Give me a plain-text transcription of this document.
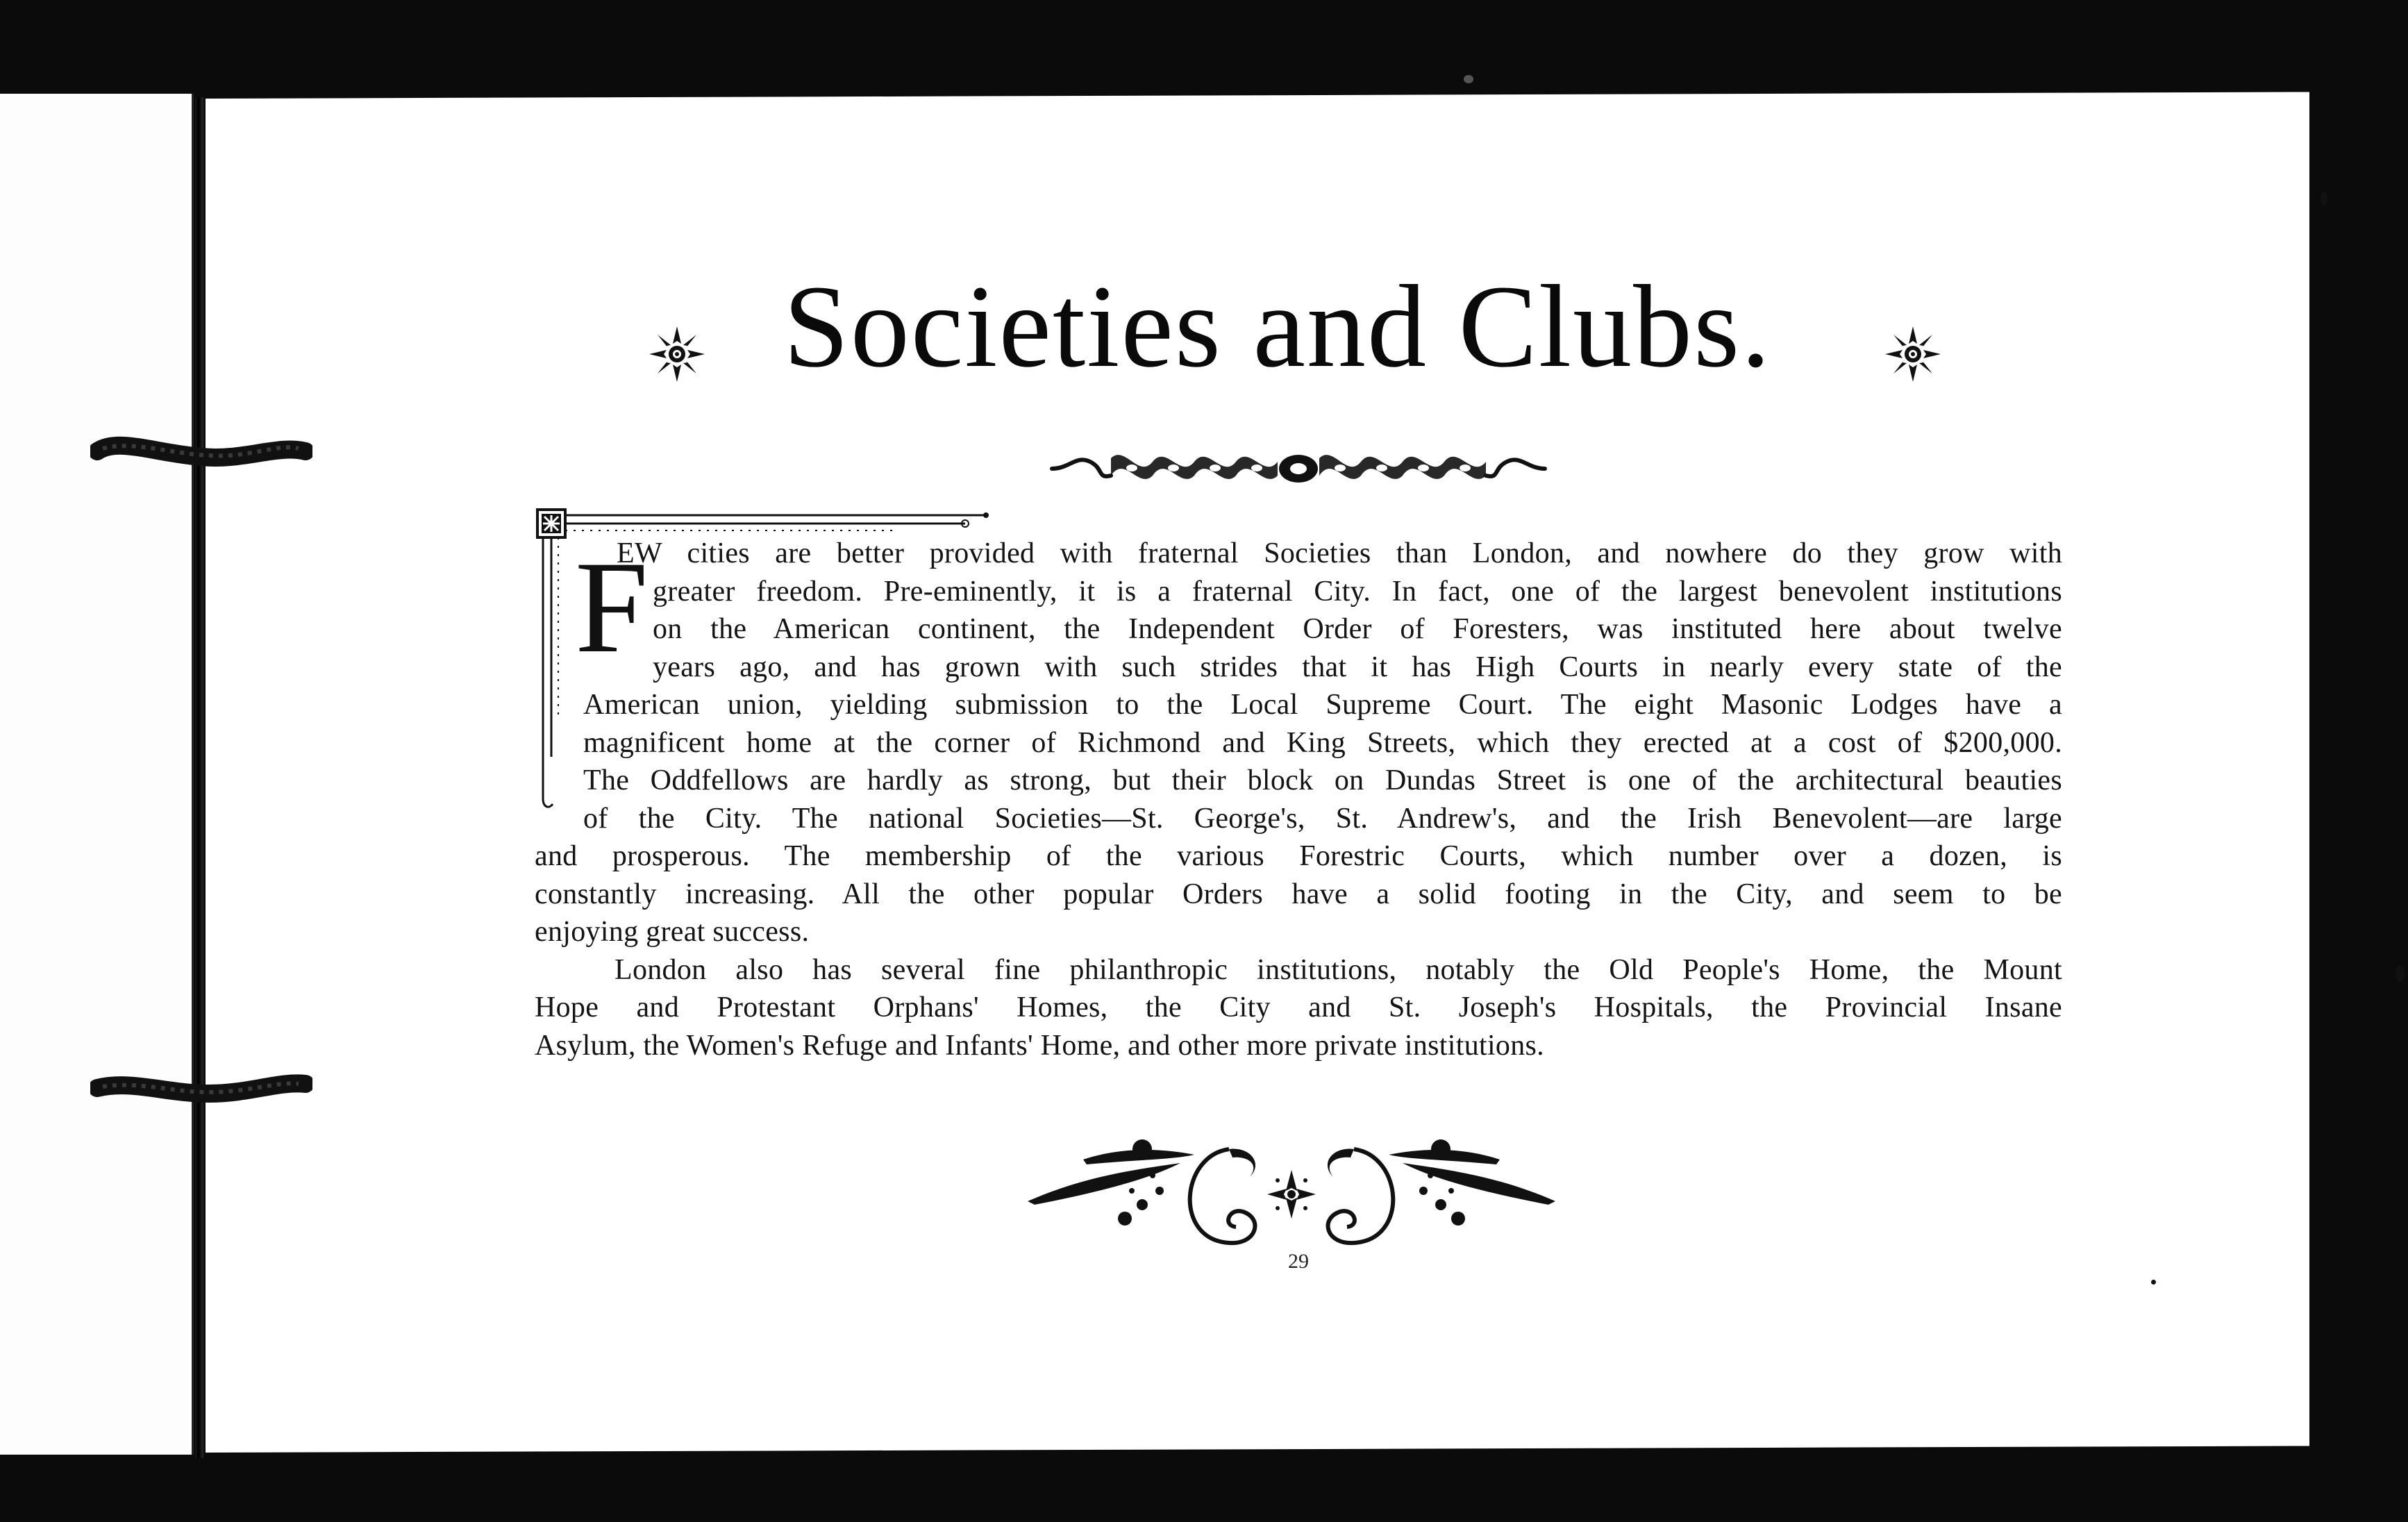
Societies and Clubs.
F

EW cities are better provided with fraternal Societies than London, and nowhere do they grow with
greater freedom. Pre-eminently, it is a fraternal City. In fact, one of the largest benevolent institutions
on the American continent, the Independent Order of Foresters, was instituted here about twelve
years ago, and has grown with such strides that it has High Courts in nearly every state of the
American union, yielding submission to the Local Supreme Court. The eight Masonic Lodges have a
magnificent home at the corner of Richmond and King Streets, which they erected at a cost of $200,000.
The Oddfellows are hardly as strong, but their block on Dundas Street is one of the architectural beauties
of the City. The national Societies—St. George's, St. Andrew's, and the Irish Benevolent—are large
and prosperous. The membership of the various Forestric Courts, which number over a dozen, is
constantly increasing. All the other popular Orders have a solid footing in the City, and seem to be
enjoying great success.

London also has several fine philanthropic institutions, notably the Old People's Home, the Mount
Hope and Protestant Orphans' Homes, the City and St. Joseph's Hospitals, the Provincial Insane
Asylum, the Women's Refuge and Infants' Home, and other more private institutions.

29
